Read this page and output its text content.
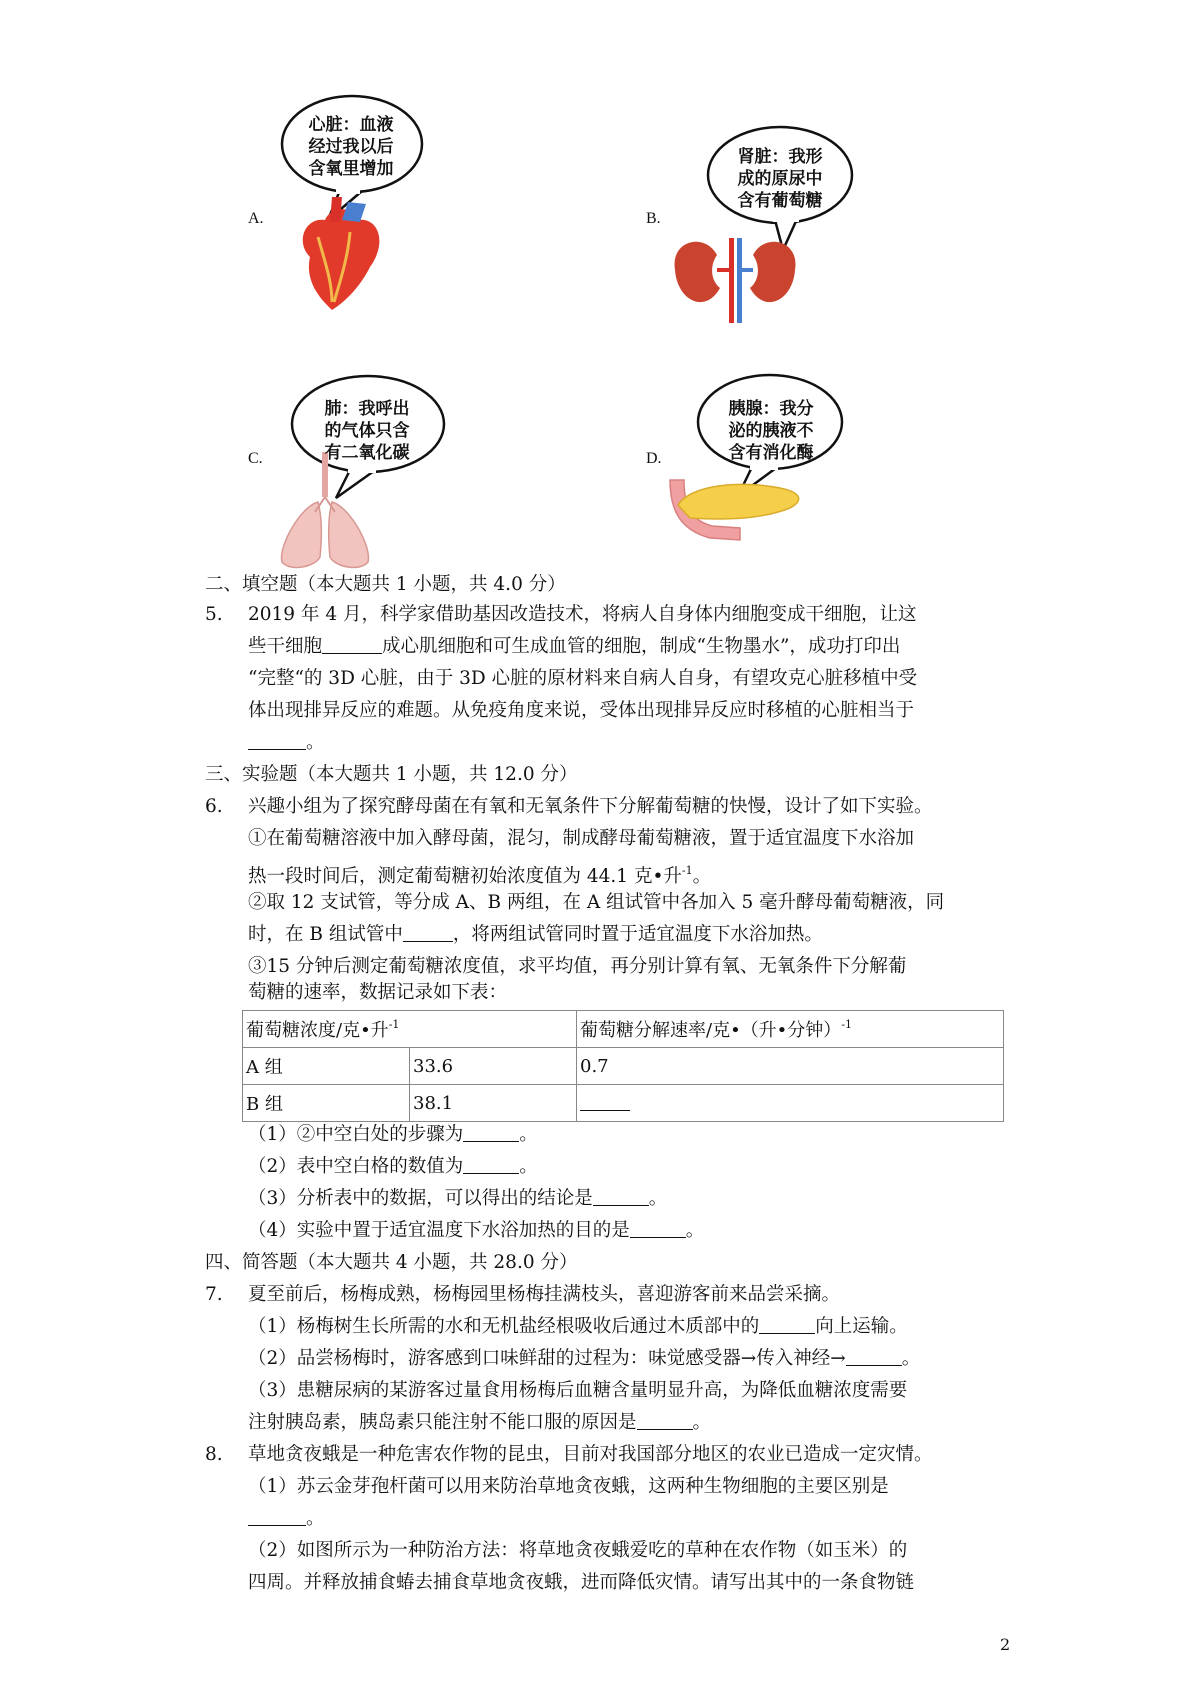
A.
心脏：血液
经过我以后
含氧里增加
B.
肾脏：我形
成的原尿中
含有葡萄糖
C.
肺：我呼出
的气体只含
有二氧化碳	D.
胰腺：我分
泌的胰液不
含有消化酶
二、填空题（本大题共 1 小题，共 4.0 分）
5. 2019 年 4 月，科学家借助基因改造技术，将病人自身体内细胞变成干细胞，让这
些干细胞	成心肌细胞和可生成血管的细胞，制成“生物墨水”，成功打印出
“完整“的 3D 心脏，由于 3D 心脏的原材料来自病人自身，有望攻克心脏移植中受
体出现排异反应的难题。从免疫角度来说，受体出现排异反应时移植的心脏相当于
。
三、实验题（本大题共 1 小题，共 12.0 分）
6. 兴趣小组为了探究酵母菌在有氧和无氧条件下分解葡萄糖的快慢，设计了如下实验。
①在葡萄糖溶液中加入酵母菌，混匀，制成酵母葡萄糖液，置于适宜温度下水浴加
热一段时间后，测定葡萄糖初始浓度值为 44.1 克•升$^{-1}$。
②取 12 支试管，等分成 A、B 两组，在 A 组试管中各加入 5 毫升酵母葡萄糖液，同
时，在 B 组试管中	，将两组试管同时置于适宜温度下水浴加热。
③15 分钟后测定葡萄糖浓度值，求平均值，再分别计算有氧、无氧条件下分解葡
萄糖的速率，数据记录如下表：
葡萄糖浓度/克•升$^{-1}$		葡萄糖分解速率/克•（升•分钟）$^{-1}$
A 组	33.6	0.7
B 组	38.1	
（1）②中空白处的步骤为	。
（2）表中空白格的数值为	。
（3）分析表中的数据，可以得出的结论是	。
（4）实验中置于适宜温度下水浴加热的目的是	。
四、简答题（本大题共 4 小题，共 28.0 分）
7. 夏至前后，杨梅成熟，杨梅园里杨梅挂满枝头，喜迎游客前来品尝采摘。
（1）杨梅树生长所需的水和无机盐经根吸收后通过木质部中的	向上运输。
（2）品尝杨梅时，游客感到口味鲜甜的过程为：味觉感受器→传入神经→	。
（3）患糖尿病的某游客过量食用杨梅后血糖含量明显升高，为降低血糖浓度需要
注射胰岛素，胰岛素只能注射不能口服的原因是	。
8. 草地贪夜蛾是一种危害农作物的昆虫，目前对我国部分地区的农业已造成一定灾情。
（1）苏云金芽孢杆菌可以用来防治草地贪夜蛾，这两种生物细胞的主要区别是
。
（2）如图所示为一种防治方法：将草地贪夜蛾爱吃的草种在农作物（如玉米）的
四周。并释放捕食蝽去捕食草地贪夜蛾，进而降低灾情。请写出其中的一条食物链
2
